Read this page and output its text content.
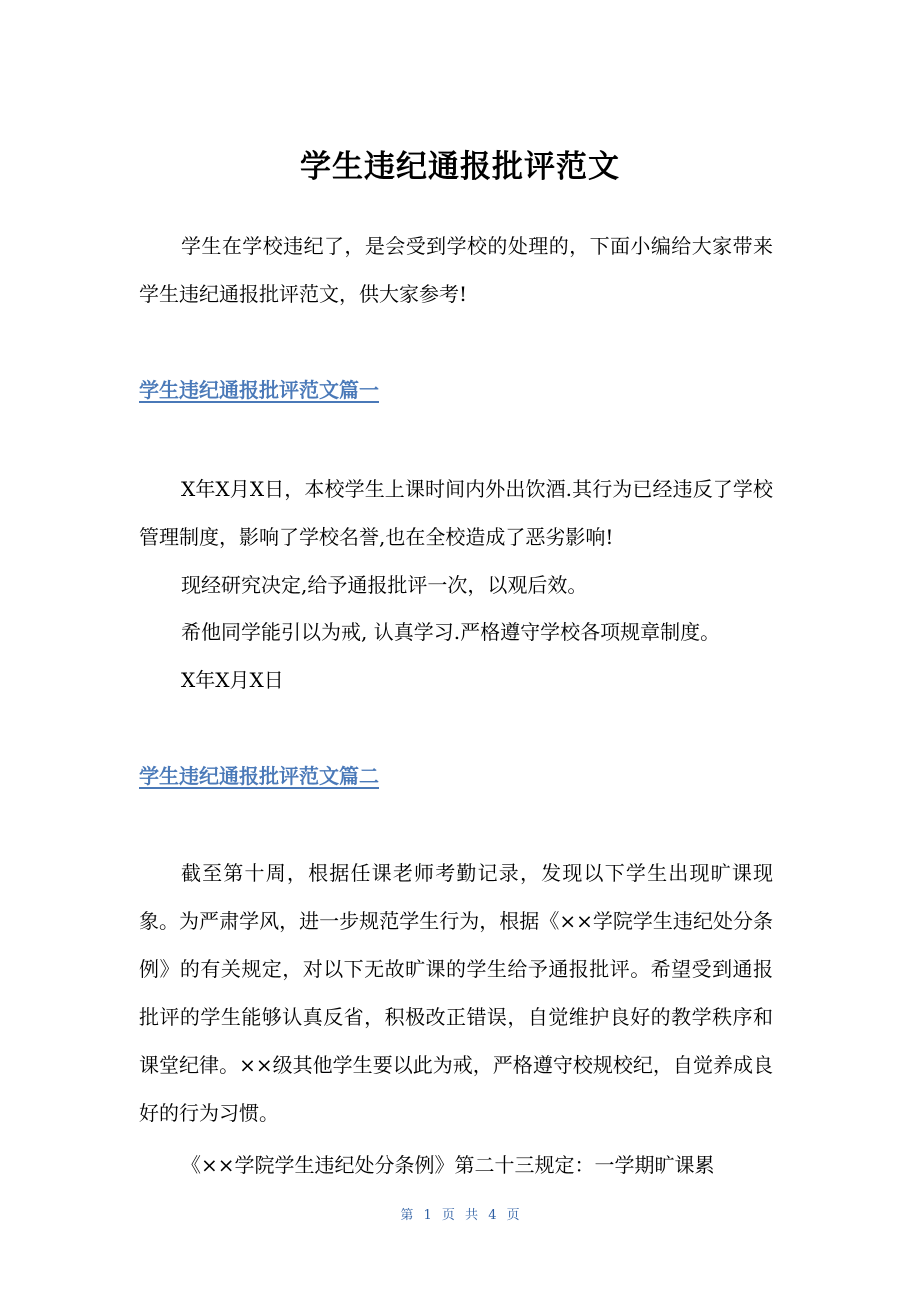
学生违纪通报批评范文

学生在学校违纪了，是会受到学校的处理的，下面小编给大家带来学生违纪通报批评范文，供大家参考!

学生违纪通报批评范文篇一

X年X月X日，本校学生上课时间内外出饮酒.其行为已经违反了学校管理制度，影响了学校名誉,也在全校造成了恶劣影响!

现经研究决定,给予通报批评一次，以观后效。

希他同学能引以为戒, 认真学习.严格遵守学校各项规章制度。

X年X月X日

学生违纪通报批评范文篇二

截至第十周，根据任课老师考勤记录，发现以下学生出现旷课现象。为严肃学风，进一步规范学生行为，根据《××学院学生违纪处分条例》的有关规定，对以下无故旷课的学生给予通报批评。希望受到通报批评的学生能够认真反省，积极改正错误，自觉维护良好的教学秩序和课堂纪律。××级其他学生要以此为戒，严格遵守校规校纪，自觉养成良好的行为习惯。

《××学院学生违纪处分条例》第二十三规定：一学期旷课累

第 1 页 共 4 页
